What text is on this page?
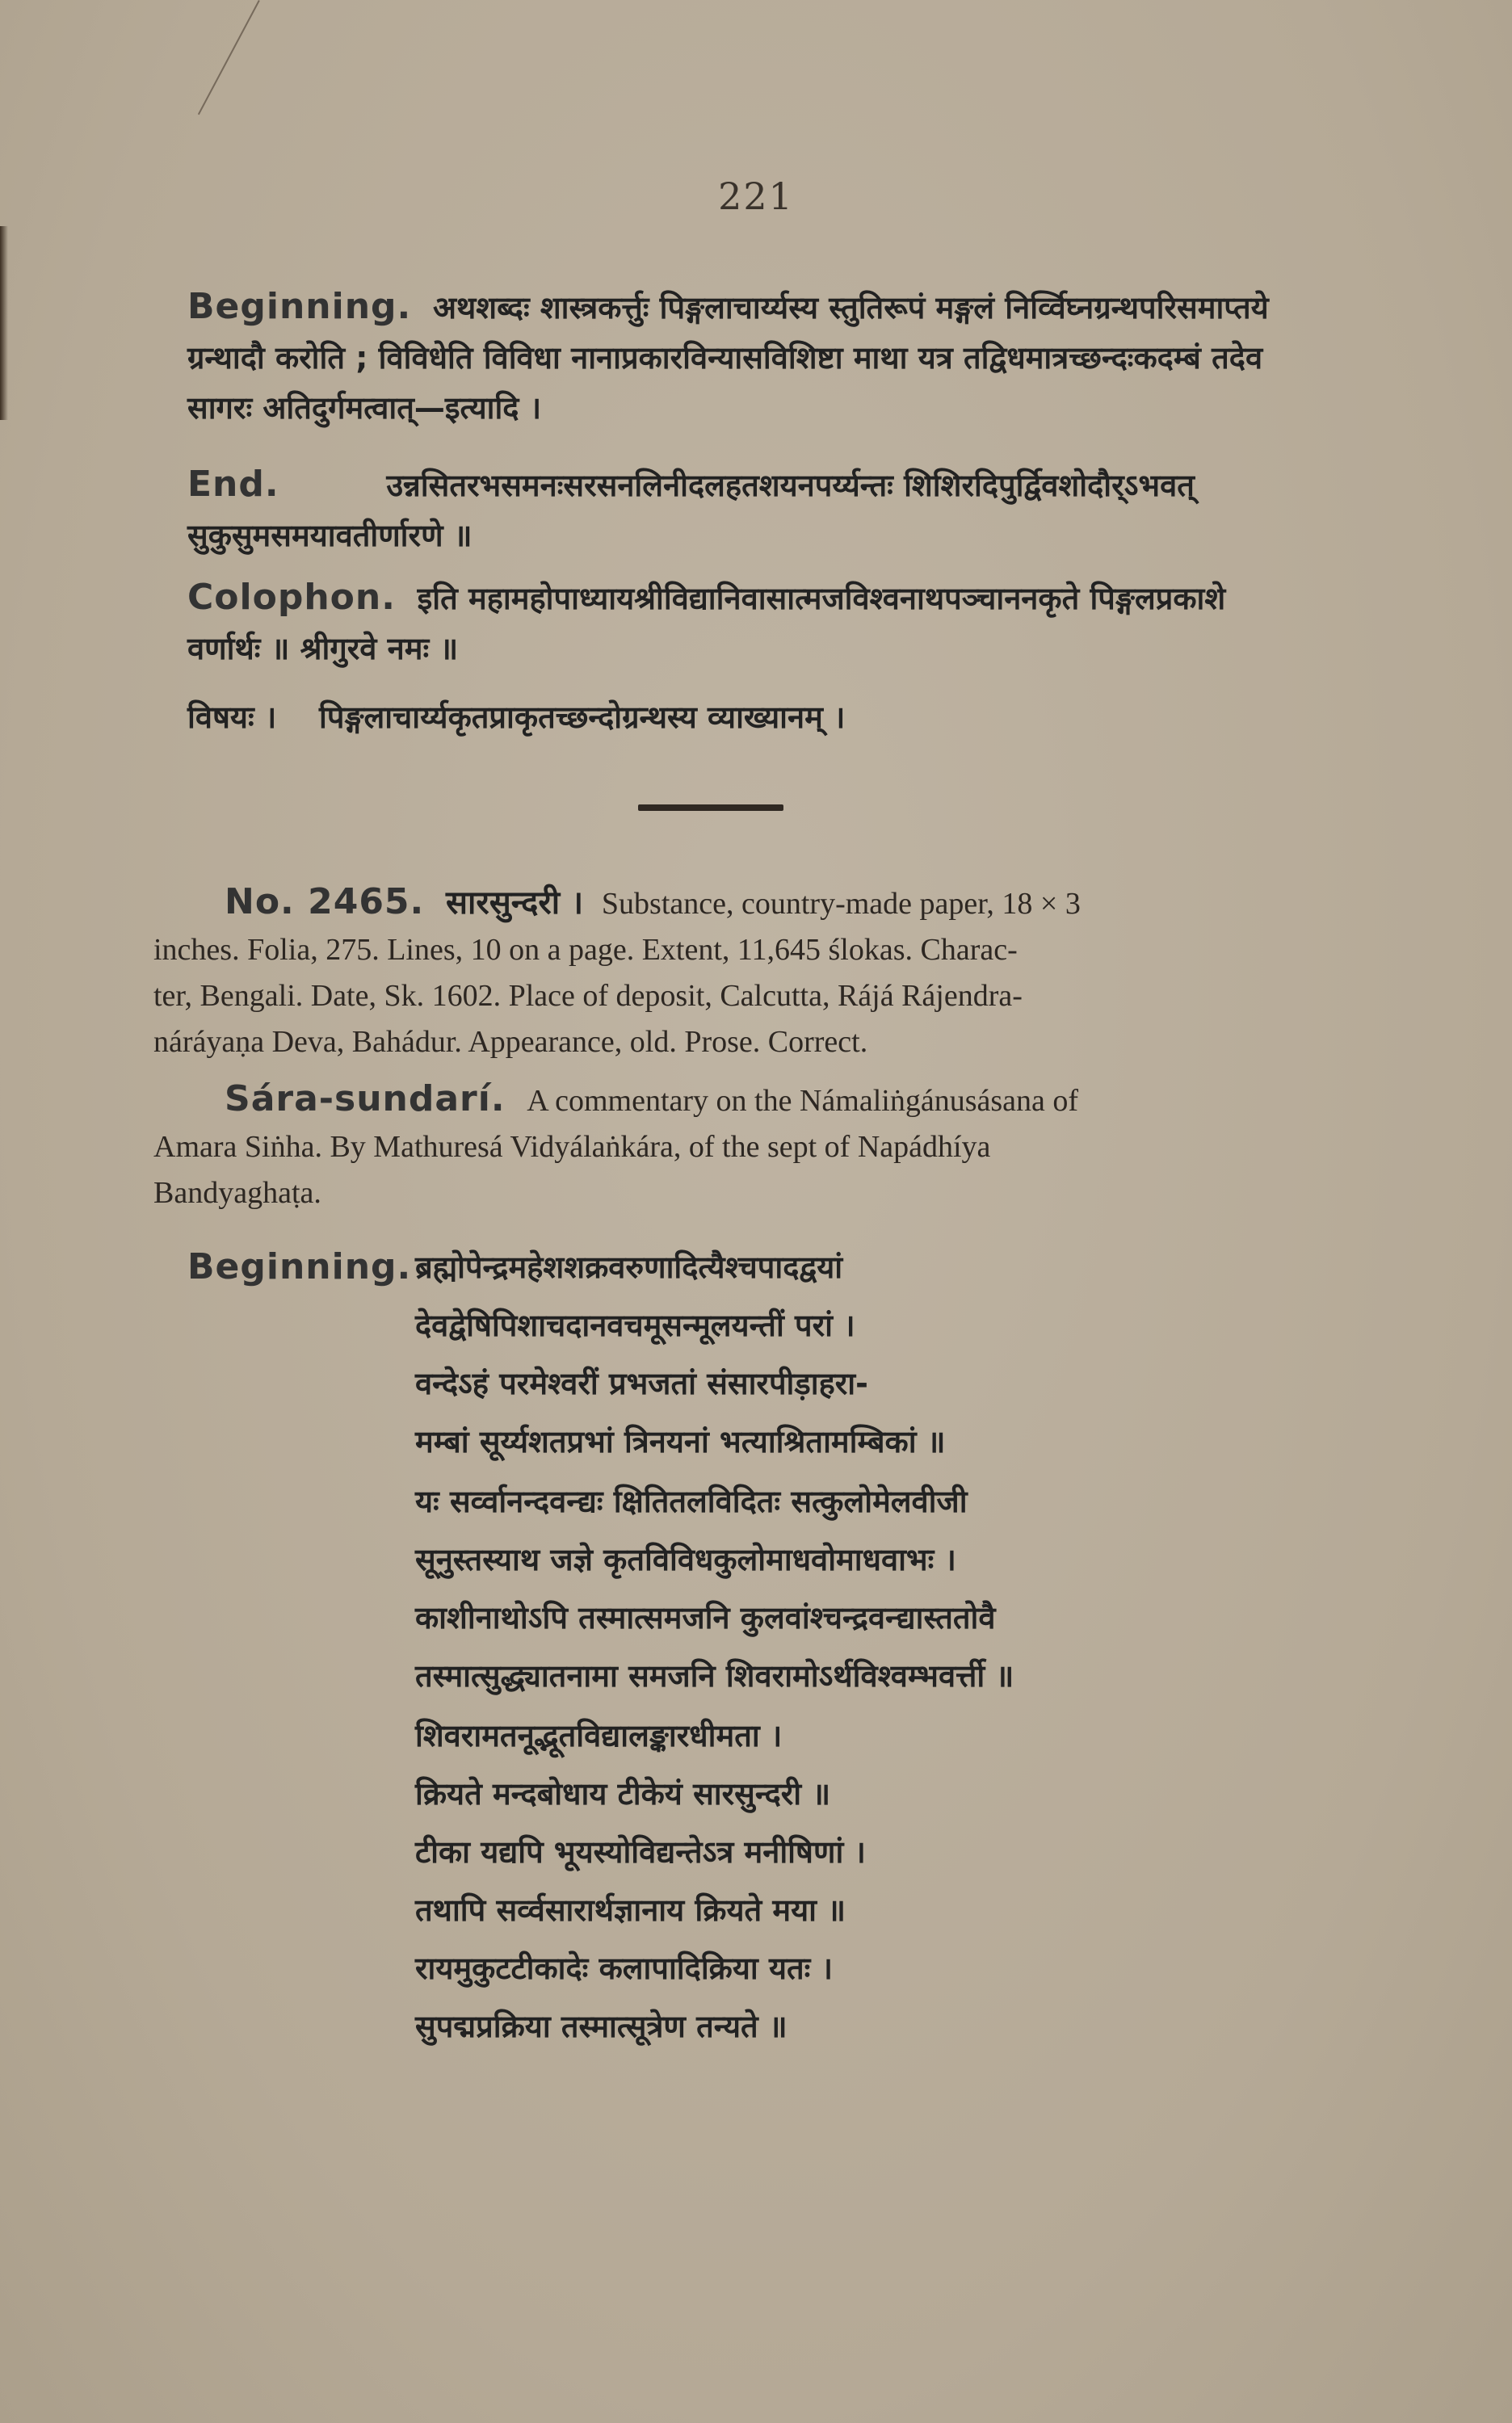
221
Beginning. अथशब्दः शास्त्रकर्त्तुः पिङ्गलाचार्य्यस्य स्तुतिरूपं मङ्गलं निर्व्विघ्नग्रन्थपरिसमाप्तये ग्रन्थादौ करोति ; विविधेति विविधा नानाप्रकारविन्यासविशिष्टा माथा यत्र तद्विधमात्रच्छन्दःकदम्बं तदेव सागरः अतिदुर्गमत्वात्—इत्यादि ।
End.	उन्नसितरभसमनःसरसनलिनीदलहतशयनपर्य्यन्तः शिशिरदिपुर्द्विवशोदौर्ऽभवत् सुकुसुमसमयावतीर्णारणे ॥
Colophon. इति महामहोपाध्यायश्रीविद्यानिवासात्मजविश्वनाथपञ्चाननकृते पिङ्गलप्रकाशे वर्णार्थः ॥ श्रीगुरवे नमः ॥
विषयः । पिङ्गलाचार्य्यकृतप्राकृतच्छन्दोग्रन्थस्य व्याख्यानम् ।
No. 2465. सारसुन्दरी । Substance, country-made paper, 18 × 3
inches. Folia, 275. Lines, 10 on a page. Extent, 11,645 ślokas. Charac-
ter, Bengali. Date, Sk. 1602. Place of deposit, Calcutta, Rájá Rájendra-
náráyaṇa Deva, Bahádur. Appearance, old. Prose. Correct.
Sára-sundarí. A commentary on the Námaliṅgánusásana of
Amara Siṅha. By Mathuresá Vidyálaṅkára, of the sept of Napádhíya
Bandyaghaṭa.
Beginning. ब्रह्मोपेन्द्रमहेशशक्रवरुणादित्यैश्चपादद्वयां
देवद्वेषिपिशाचदानवचमूसन्मूलयन्तीं परां ।
वन्देऽहं परमेश्वरीं प्रभजतां संसारपीड़ाहरा-
मम्बां सूर्य्यशतप्रभां त्रिनयनां भत्याश्रितामम्बिकां ॥
यः सर्व्वानन्दवन्द्यः क्षितितलविदितः सत्कुलोमेलवीजी
सूनुस्तस्याथ जज्ञे कृतविविधकुलोमाधवोमाधवाभः ।
काशीनाथोऽपि तस्मात्समजनि कुलवांश्चन्द्रवन्द्यास्ततोवै
तस्मात्सुद्ध्यातनामा समजनि शिवरामोऽर्थविश्वम्भवर्त्ती ॥
शिवरामतनूद्भूतविद्यालङ्कारधीमता ।
क्रियते मन्दबोधाय टीकेयं सारसुन्दरी ॥
टीका यद्यपि भूयस्योविद्यन्तेऽत्र मनीषिणां ।
तथापि सर्व्वसारार्थज्ञानाय क्रियते मया ॥
रायमुकुटटीकादेः कलापादिक्रिया यतः ।
सुपद्मप्रक्रिया तस्मात्सूत्रेण तन्यते ॥
